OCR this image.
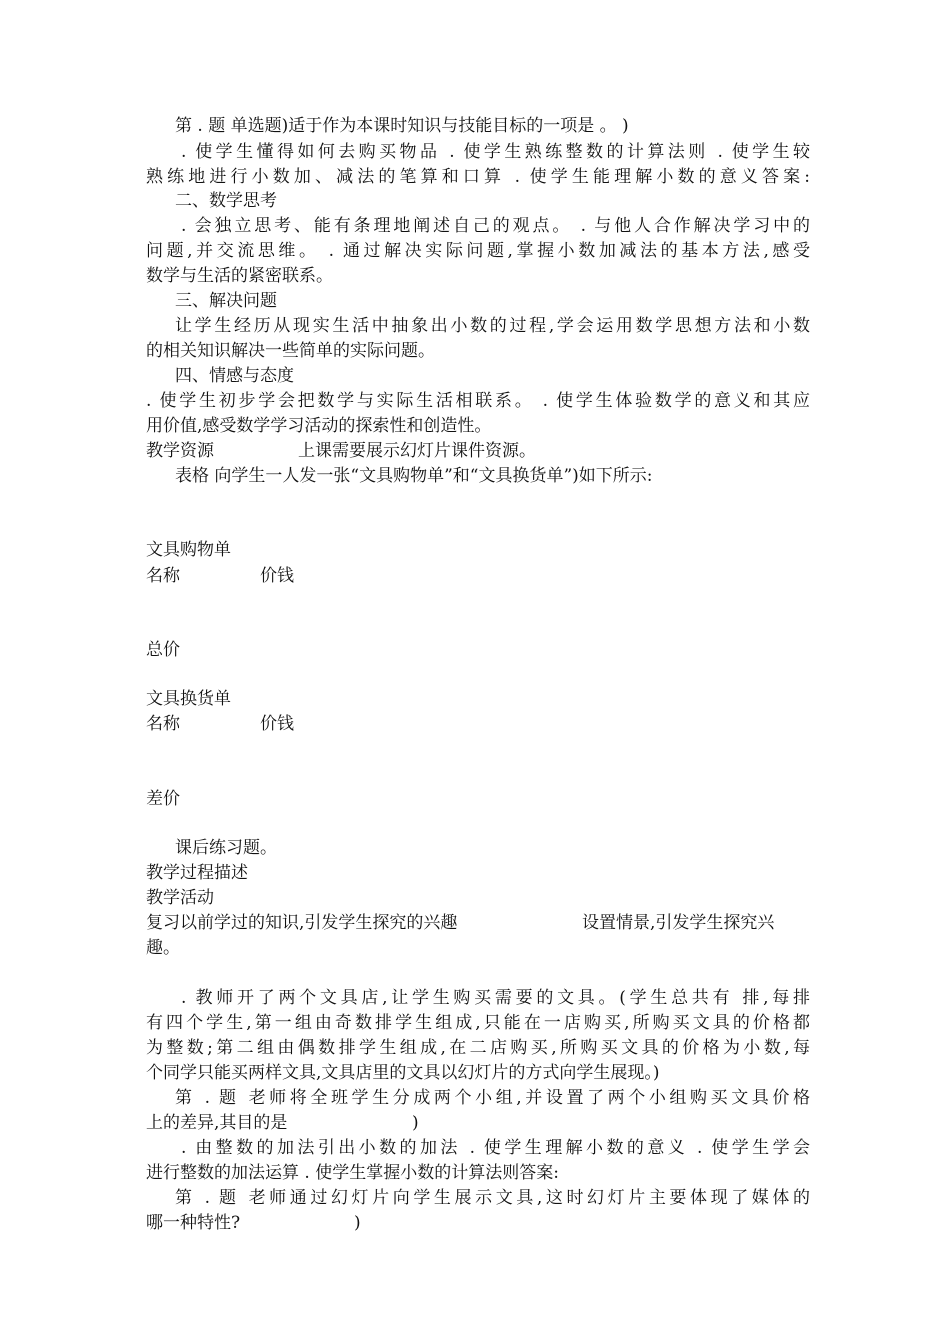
第 . 题 单选题)适于作为本课时知识与技能目标的一项是 。 )
. 使学生懂得如何去购买物品 . 使学生熟练整数的计算法则 . 使学生较
熟练地进行小数加、减法的笔算和口算 . 使学生能理解小数的意义答案:
二、数学思考
. 会独立思考、能有条理地阐述自己的观点。 . 与他人合作解决学习中的
问题,并交流思维。 . 通过解决实际问题,掌握小数加减法的基本方法,感受
数学与生活的紧密联系。
三、解决问题
让学生经历从现实生活中抽象出小数的过程,学会运用数学思想方法和小数
的相关知识解决一些简单的实际问题。
四、情感与态度
. 使学生初步学会把数学与实际生活相联系。 . 使学生体验数学的意义和其应
用价值,感受数学学习活动的探索性和创造性。
教学资源	上课需要展示幻灯片课件资源。
表格 向学生一人发一张“文具购物单”和“文具换货单”)如下所示:
文具购物单
名称	价钱
总价
文具换货单
名称	价钱
差价
课后练习题。
教学过程描述
教学活动
复习以前学过的知识,引发学生探究的兴趣	设置情景,引发学生探究兴
趣。
. 教师开了两个文具店,让学生购买需要的文具。(学生总共有 排,每排
有四个学生,第一组由奇数排学生组成,只能在一店购买,所购买文具的价格都
为整数;第二组由偶数排学生组成,在二店购买,所购买文具的价格为小数,每
个同学只能买两样文具,文具店里的文具以幻灯片的方式向学生展现。)
第 . 题 老师将全班学生分成两个小组,并设置了两个小组购买文具价格
上的差异,其目的是	)
. 由整数的加法引出小数的加法 . 使学生理解小数的意义 . 使学生学会
进行整数的加法运算 . 使学生掌握小数的计算法则答案:
第 . 题 老师通过幻灯片向学生展示文具,这时幻灯片主要体现了媒体的
哪一种特性?	)
